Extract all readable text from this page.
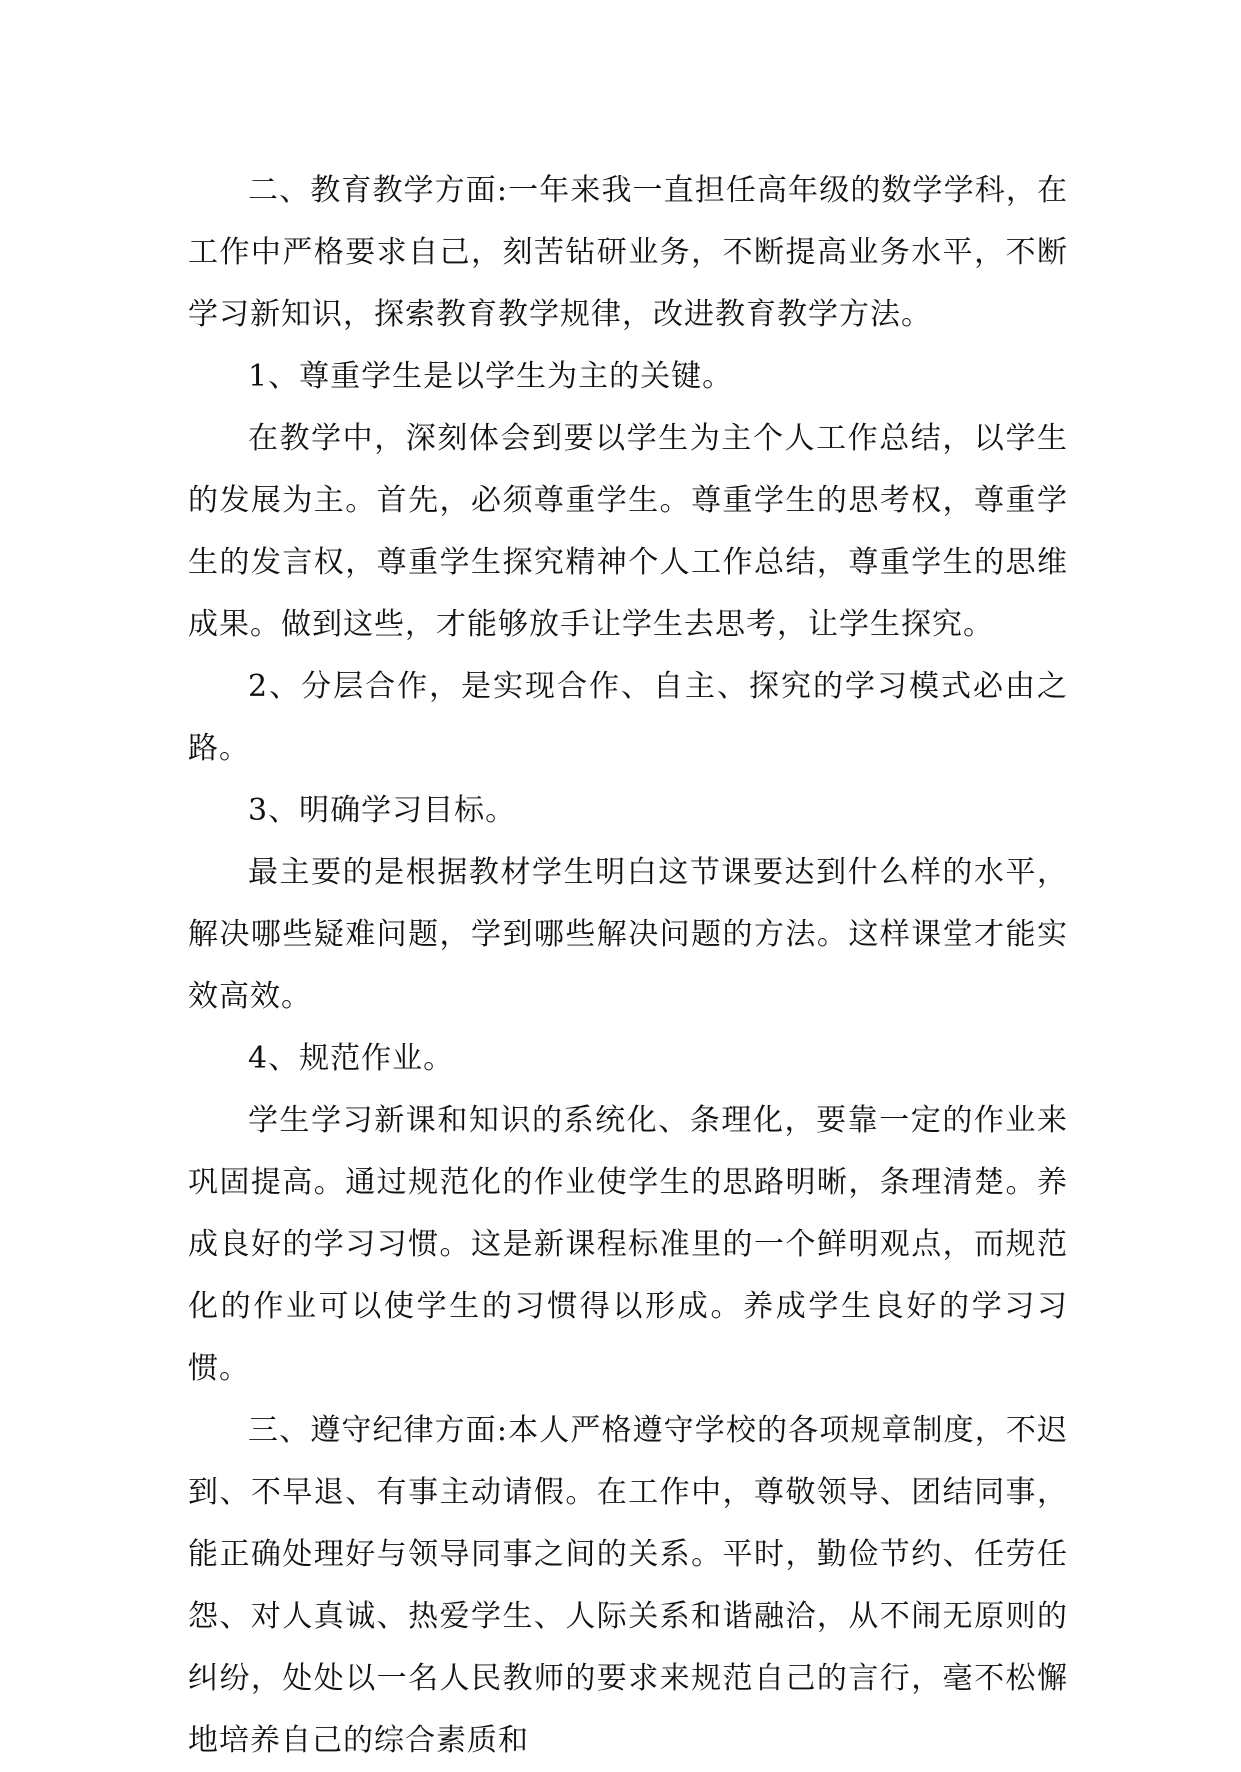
二、教育教学方面:一年来我一直担任高年级的数学学科，在工作中严格要求自己，刻苦钻研业务，不断提高业务水平，不断学习新知识，探索教育教学规律，改进教育教学方法。

1、尊重学生是以学生为主的关键。

在教学中，深刻体会到要以学生为主个人工作总结，以学生的发展为主。首先，必须尊重学生。尊重学生的思考权，尊重学生的发言权，尊重学生探究精神个人工作总结，尊重学生的思维成果。做到这些，才能够放手让学生去思考，让学生探究。

2、分层合作，是实现合作、自主、探究的学习模式必由之路。

3、明确学习目标。

最主要的是根据教材学生明白这节课要达到什么样的水平，解决哪些疑难问题，学到哪些解决问题的方法。这样课堂才能实效高效。

4、规范作业。

学生学习新课和知识的系统化、条理化，要靠一定的作业来巩固提高。通过规范化的作业使学生的思路明晰，条理清楚。养成良好的学习习惯。这是新课程标准里的一个鲜明观点，而规范化的作业可以使学生的习惯得以形成。养成学生良好的学习习惯。

三、遵守纪律方面:本人严格遵守学校的各项规章制度，不迟到、不早退、有事主动请假。在工作中，尊敬领导、团结同事，能正确处理好与领导同事之间的关系。平时，勤俭节约、任劳任怨、对人真诚、热爱学生、人际关系和谐融洽，从不闹无原则的纠纷，处处以一名人民教师的要求来规范自己的言行，毫不松懈地培养自己的综合素质和
